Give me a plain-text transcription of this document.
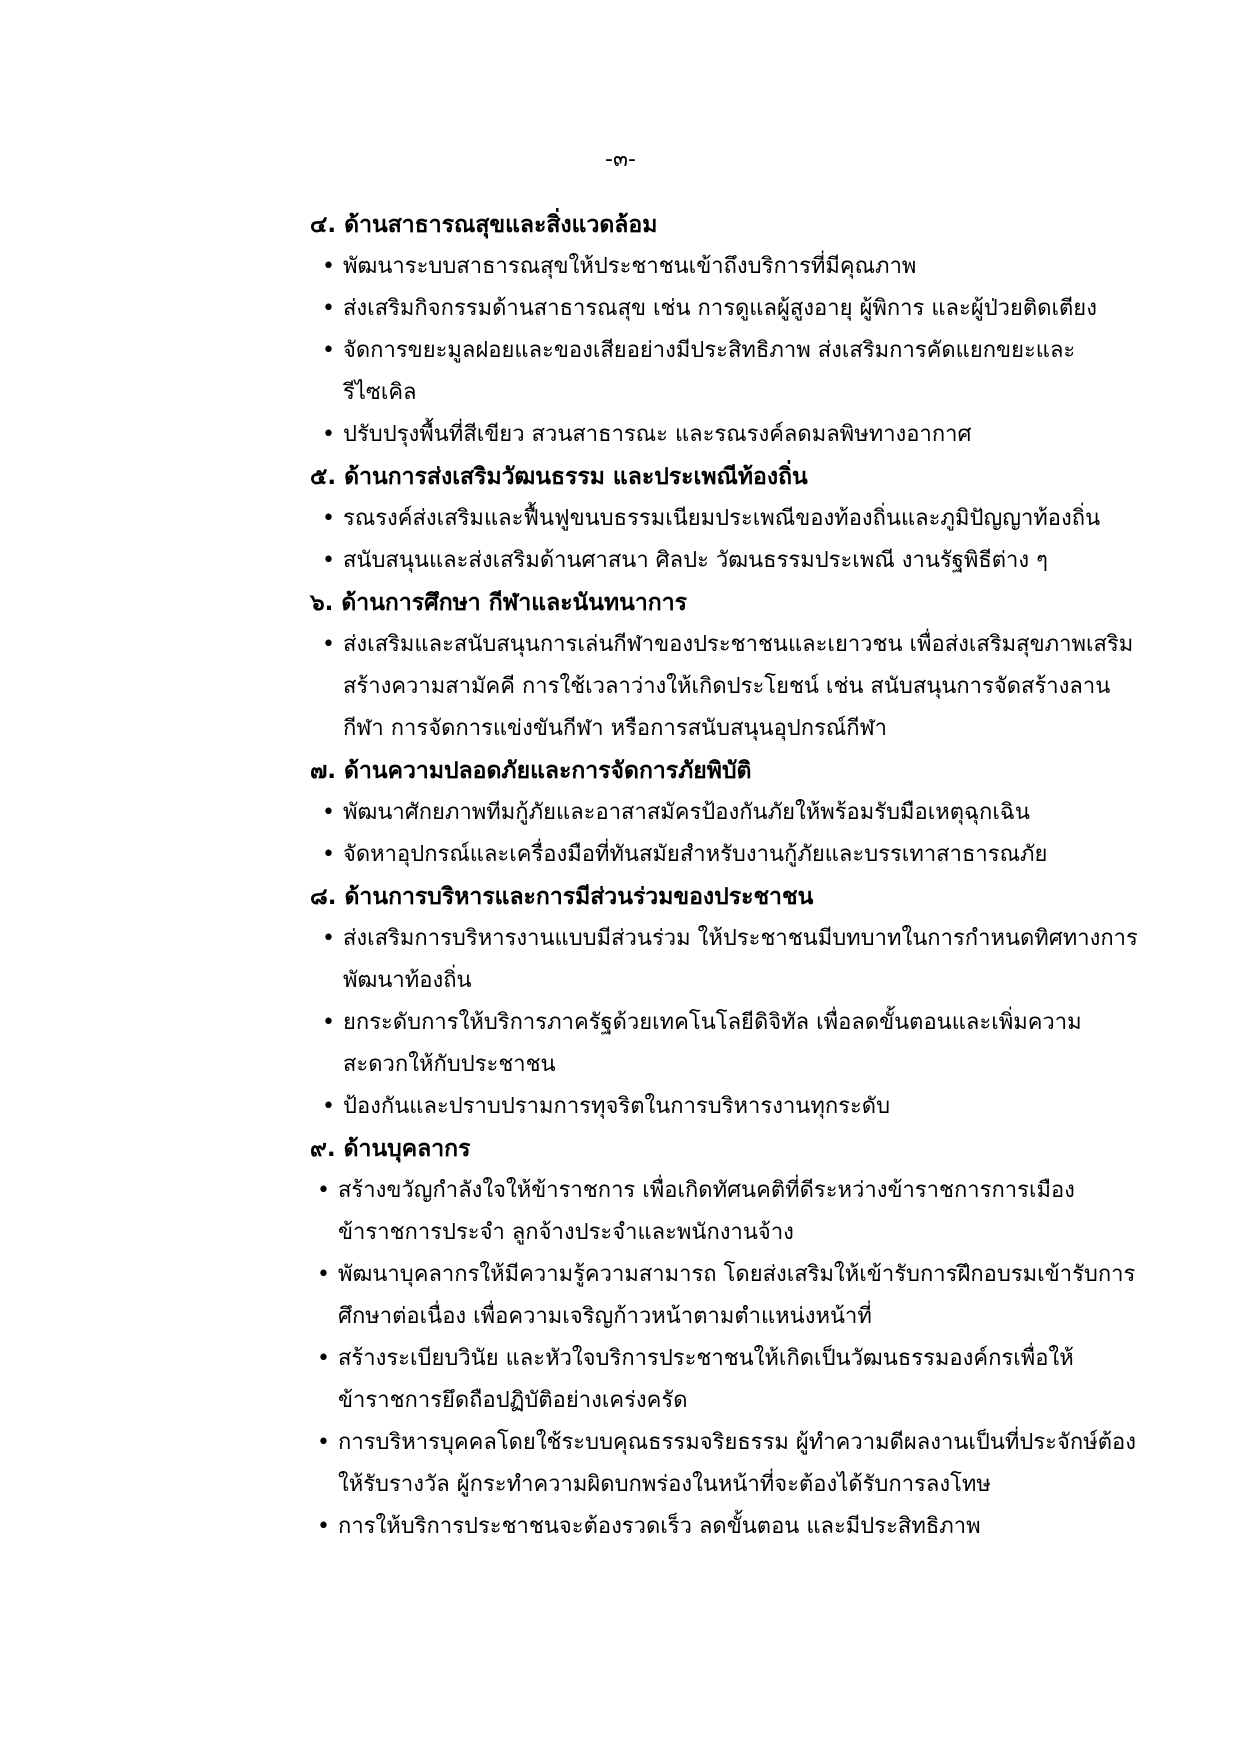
-๓-
๔. ด้านสาธารณสุขและสิ่งแวดล้อม
• พัฒนาระบบสาธารณสุขให้ประชาชนเข้าถึงบริการที่มีคุณภาพ
• ส่งเสริมกิจกรรมด้านสาธารณสุข เช่น การดูแลผู้สูงอายุ ผู้พิการ และผู้ป่วยติดเตียง
• จัดการขยะมูลฝอยและของเสียอย่างมีประสิทธิภาพ ส่งเสริมการคัดแยกขยะและรีไซเคิล
• ปรับปรุงพื้นที่สีเขียว สวนสาธารณะ และรณรงค์ลดมลพิษทางอากาศ
๕. ด้านการส่งเสริมวัฒนธรรม และประเพณีท้องถิ่น
• รณรงค์ส่งเสริมและฟื้นฟูขนบธรรมเนียมประเพณีของท้องถิ่นและภูมิปัญญาท้องถิ่น
• สนับสนุนและส่งเสริมด้านศาสนา ศิลปะ วัฒนธรรมประเพณี งานรัฐพิธีต่าง ๆ
๖. ด้านการศึกษา กีฬาและนันทนาการ
• ส่งเสริมและสนับสนุนการเล่นกีฬาของประชาชนและเยาวชน เพื่อส่งเสริมสุขภาพเสริมสร้างความสามัคคี การใช้เวลาว่างให้เกิดประโยชน์ เช่น สนับสนุนการจัดสร้างลานกีฬา การจัดการแข่งขันกีฬา หรือการสนับสนุนอุปกรณ์กีฬา
๗. ด้านความปลอดภัยและการจัดการภัยพิบัติ
• พัฒนาศักยภาพทีมกู้ภัยและอาสาสมัครป้องกันภัยให้พร้อมรับมือเหตุฉุกเฉิน
• จัดหาอุปกรณ์และเครื่องมือที่ทันสมัยสำหรับงานกู้ภัยและบรรเทาสาธารณภัย
๘. ด้านการบริหารและการมีส่วนร่วมของประชาชน
• ส่งเสริมการบริหารงานแบบมีส่วนร่วม ให้ประชาชนมีบทบาทในการกำหนดทิศทางการพัฒนาท้องถิ่น
• ยกระดับการให้บริการภาครัฐด้วยเทคโนโลยีดิจิทัล เพื่อลดขั้นตอนและเพิ่มความสะดวกให้กับประชาชน
• ป้องกันและปราบปรามการทุจริตในการบริหารงานทุกระดับ
๙. ด้านบุคลากร
• สร้างขวัญกำลังใจให้ข้าราชการ เพื่อเกิดทัศนคติที่ดีระหว่างข้าราชการการเมืองข้าราชการประจำ ลูกจ้างประจำและพนักงานจ้าง
• พัฒนาบุคลากรให้มีความรู้ความสามารถ โดยส่งเสริมให้เข้ารับการฝึกอบรมเข้ารับการศึกษาต่อเนื่อง เพื่อความเจริญก้าวหน้าตามตำแหน่งหน้าที่
• สร้างระเบียบวินัย และหัวใจบริการประชาชนให้เกิดเป็นวัฒนธรรมองค์กรเพื่อให้ข้าราชการยึดถือปฏิบัติอย่างเคร่งครัด
• การบริหารบุคคลโดยใช้ระบบคุณธรรมจริยธรรม ผู้ทำความดีผลงานเป็นที่ประจักษ์ต้องให้รับรางวัล ผู้กระทำความผิดบกพร่องในหน้าที่จะต้องได้รับการลงโทษ
• การให้บริการประชาชนจะต้องรวดเร็ว ลดขั้นตอน และมีประสิทธิภาพ
